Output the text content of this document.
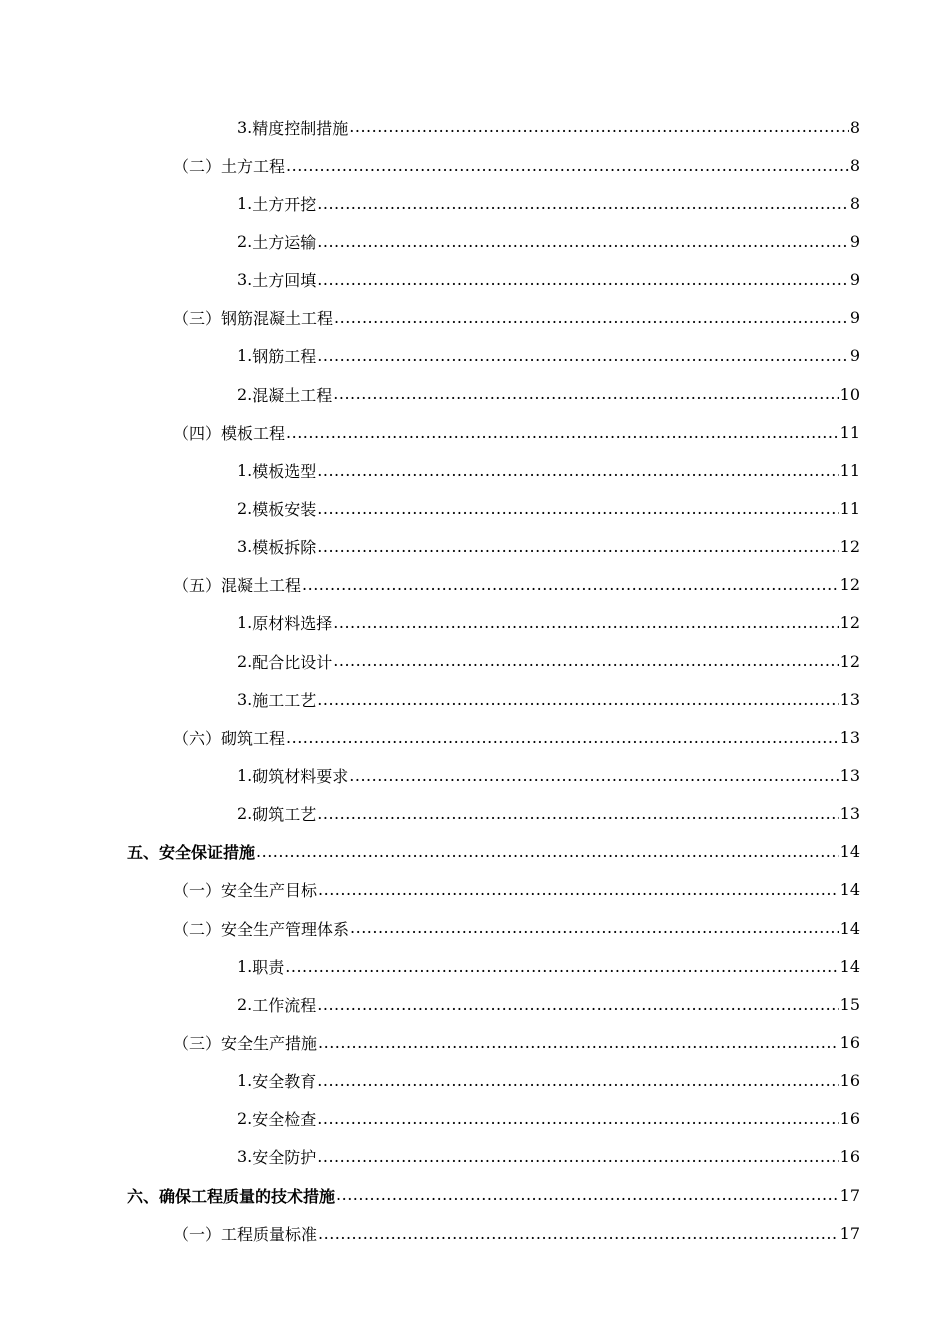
3. 精度控制措施 .....	8
（二） 土方工程 .....	8
1. 土方开挖 .....	8
2. 土方运输 .....	9
3. 土方回填 .....	9
（三） 钢筋混凝土工程 .....	9
1. 钢筋工程 .....	9
2. 混凝土工程 .....	10
（四） 模板工程 .....	11
1. 模板选型 .....	11
2. 模板安装 .....	11
3. 模板拆除 .....	12
（五） 混凝土工程 .....	12
1. 原材料选择 .....	12
2. 配合比设计 .....	12
3. 施工工艺 .....	13
（六） 砌筑工程 .....	13
1. 砌筑材料要求 .....	13
2. 砌筑工艺 .....	13
五、 安全保证措施 .....	14
（一） 安全生产目标 .....	14
（二） 安全生产管理体系 .....	14
1. 职责 .....	14
2. 工作流程 .....	15
（三） 安全生产措施 .....	16
1. 安全教育 .....	16
2. 安全检查 .....	16
3. 安全防护 .....	16
六、 确保工程质量的技术措施 .....	17
（一） 工程质量标准 .....	17
